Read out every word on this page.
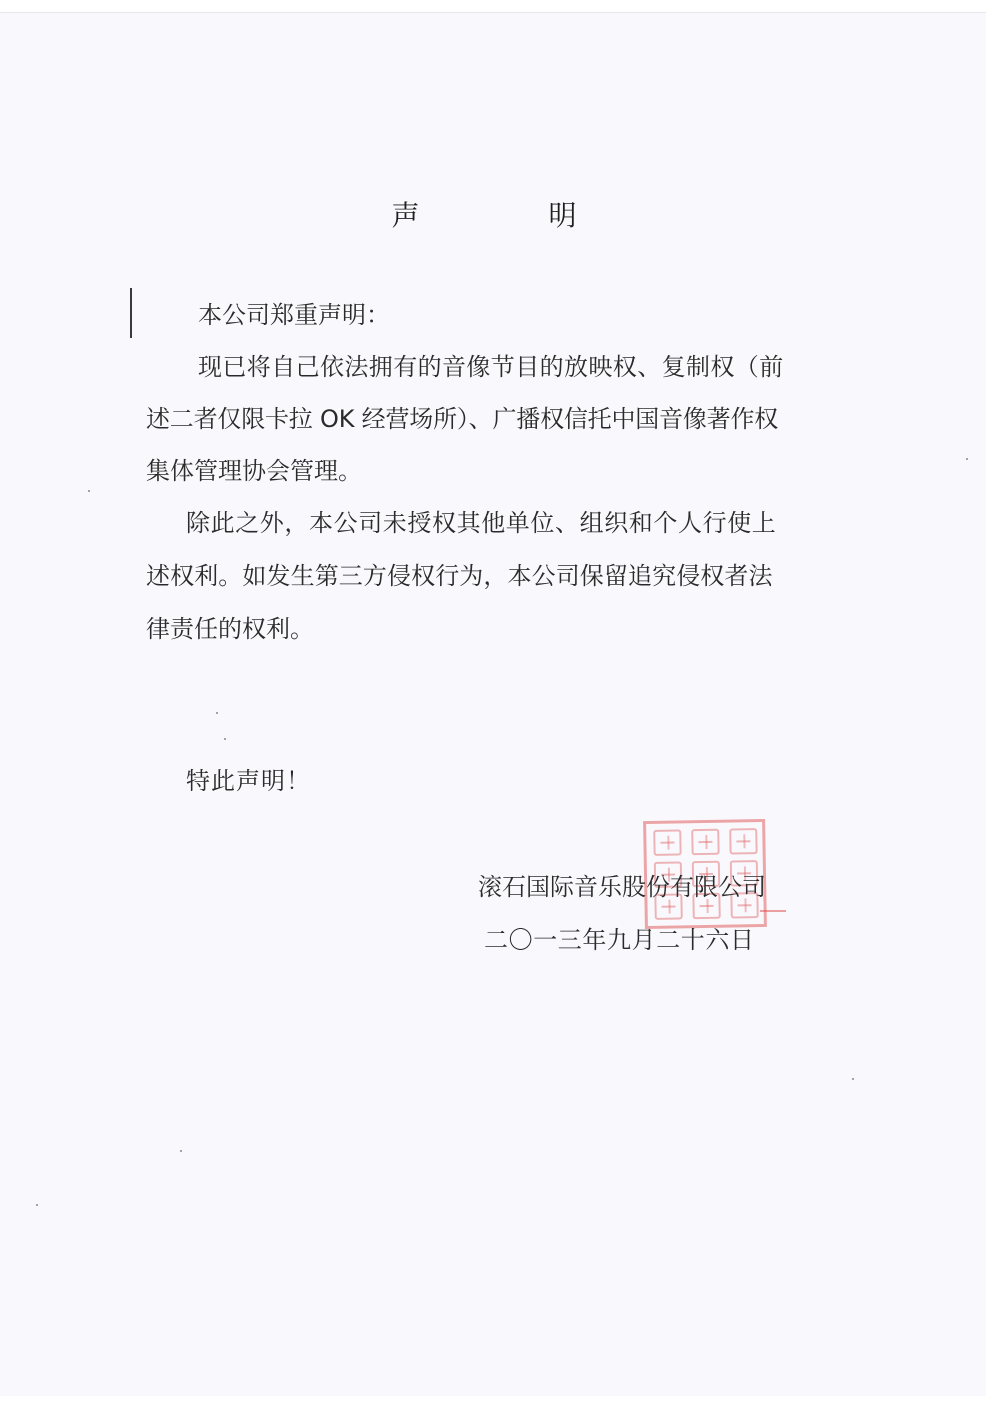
声 明
本公司郑重声明：
现已将自己依法拥有的音像节目的放映权、复制权（前
述二者仅限卡拉 OK 经营场所）、广播权信托中国音像著作权
集体管理协会管理。
除此之外，本公司未授权其他单位、组织和个人行使上
述权利。如发生第三方侵权行为，本公司保留追究侵权者法
律责任的权利。
特此声明！
滚石国际音乐股份有限公司
二〇一三年九月二十六日
